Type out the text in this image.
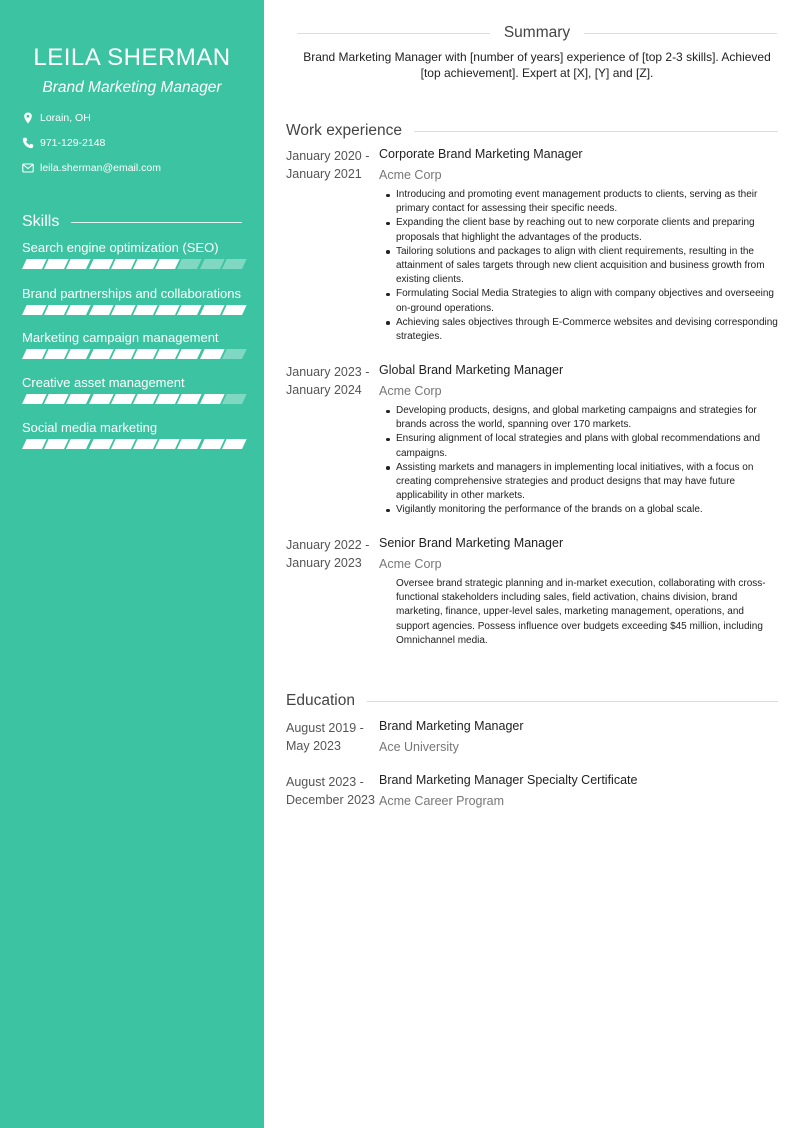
LEILA SHERMAN
Brand Marketing Manager
Lorain, OH
971-129-2148
leila.sherman@email.com
Skills
Search engine optimization (SEO)
Brand partnerships and collaborations
Marketing campaign management
Creative asset management
Social media marketing
Summary
Brand Marketing Manager with [number of years] experience of [top 2-3 skills]. Achieved [top achievement]. Expert at [X], [Y] and [Z].
Work experience
January 2020 -
January 2021
Corporate Brand Marketing Manager
Acme Corp
Introducing and promoting event management products to clients, serving as their primary contact for assessing their specific needs.
Expanding the client base by reaching out to new corporate clients and preparing proposals that highlight the advantages of the products.
Tailoring solutions and packages to align with client requirements, resulting in the attainment of sales targets through new client acquisition and business growth from existing clients.
Formulating Social Media Strategies to align with company objectives and overseeing on-ground operations.
Achieving sales objectives through E-Commerce websites and devising corresponding strategies.
January 2023 -
January 2024
Global Brand Marketing Manager
Acme Corp
Developing products, designs, and global marketing campaigns and strategies for brands across the world, spanning over 170 markets.
Ensuring alignment of local strategies and plans with global recommendations and campaigns.
Assisting markets and managers in implementing local initiatives, with a focus on creating comprehensive strategies and product designs that may have future applicability in other markets.
Vigilantly monitoring the performance of the brands on a global scale.
January 2022 -
January 2023
Senior Brand Marketing Manager
Acme Corp

Oversee brand strategic planning and in-market execution, collaborating with cross-functional stakeholders including sales, field activation, chains division, brand marketing, finance, upper-level sales, marketing management, operations, and support agencies. Possess influence over budgets exceeding $45 million, including Omnichannel media.

Education
August 2019 -
May 2023
Brand Marketing Manager
Ace University
August 2023 -
December 2023
Brand Marketing Manager Specialty Certificate
Acme Career Program
